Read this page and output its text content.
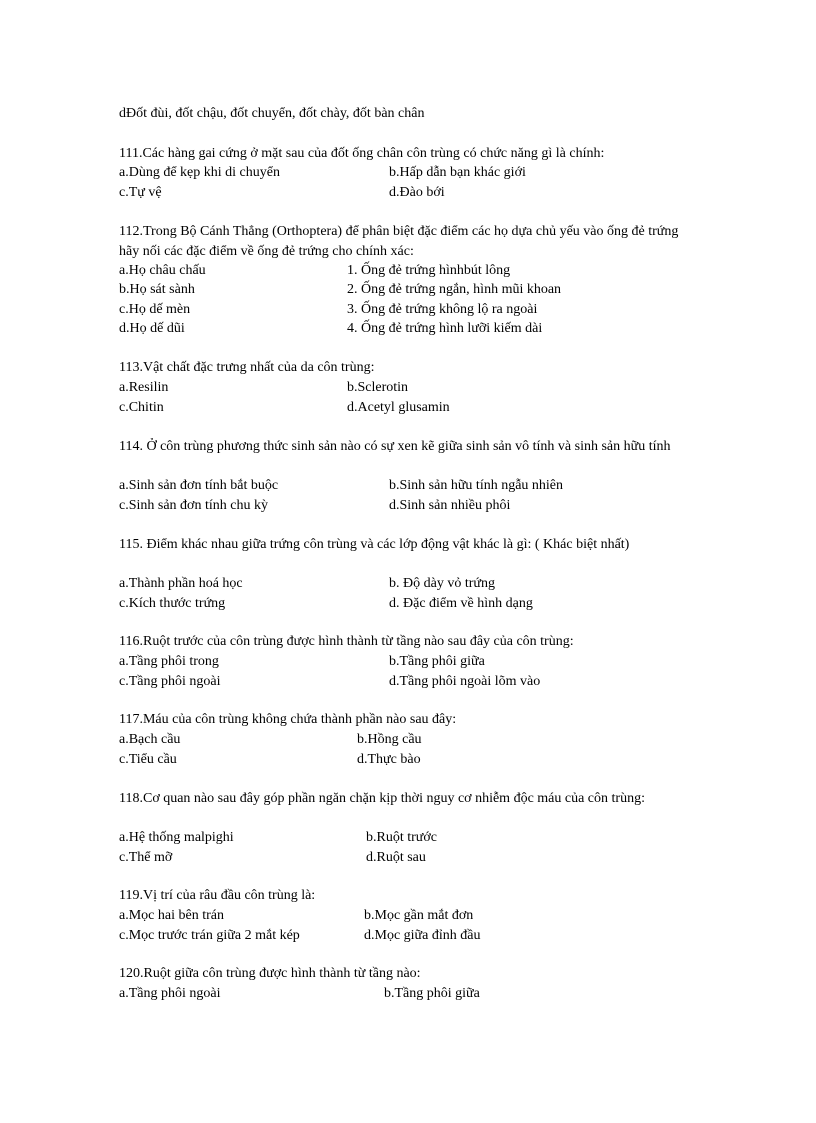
dĐốt đùi, đốt chậu, đốt chuyển, đốt chày, đốt bàn chân
111.Các hàng gai cứng ở mặt sau của đốt ống chân côn trùng có chức năng gì là chính:
a.Dùng để kẹp khi di chuyển	b.Hấp dẫn bạn khác giới
c.Tự vệ	d.Đào bới
112.Trong Bộ Cánh Thẳng (Orthoptera) để phân biệt đặc điểm các họ dựa chủ yếu vào ống đẻ trứng hãy nối các đặc điểm về ống đẻ trứng cho chính xác:
a.Họ châu chấu	1. Ống đẻ trứng hìnhbút lông
b.Họ sát sành	2. Ống đẻ trứng ngắn, hình mũi khoan
c.Họ dế mèn	3. Ống đẻ trứng không lộ ra ngoài
d.Họ dế dũi	4. Ống đẻ trứng hình lưỡi kiếm dài
113.Vật chất đặc trưng nhất của da côn trùng:
a.Resilin	b.Sclerotin
c.Chitin	d.Acetyl glusamin
114. Ở côn trùng phương thức sinh sản nào có sự xen kẽ giữa sinh sản vô tính và sinh sản hữu tính
a.Sinh sản đơn tính bắt buộc	b.Sinh sản hữu tính ngẫu nhiên
c.Sinh sản đơn tính chu kỳ	d.Sinh sản nhiều phôi
115. Điểm khác nhau giữa trứng côn trùng và các lớp động vật khác là gì: ( Khác biệt nhất)
a.Thành phần hoá học	b. Độ dày vỏ trứng
c.Kích thước trứng	d. Đặc điểm về hình dạng
116.Ruột trước của côn trùng được hình thành từ tầng nào sau đây của côn trùng:
a.Tầng phôi trong	b.Tầng phôi giữa
c.Tầng phôi ngoài	d.Tầng phôi ngoài lõm vào
117.Máu của côn trùng không chứa thành phần nào sau đây:
a.Bạch cầu	b.Hồng cầu
c.Tiểu cầu	d.Thực bào
118.Cơ quan nào sau đây góp phần ngăn chặn kịp thời nguy cơ nhiễm độc máu của côn trùng:
a.Hệ thống malpighi	b.Ruột trước
c.Thể mỡ	d.Ruột sau
119.Vị trí của râu đầu côn trùng là:
a.Mọc hai bên trán	b.Mọc gần mắt đơn
c.Mọc trước trán giữa 2 mắt kép	d.Mọc giữa đỉnh đầu
120.Ruột giữa côn trùng được hình thành từ tầng nào:
a.Tầng phôi ngoài	b.Tầng phôi giữa
